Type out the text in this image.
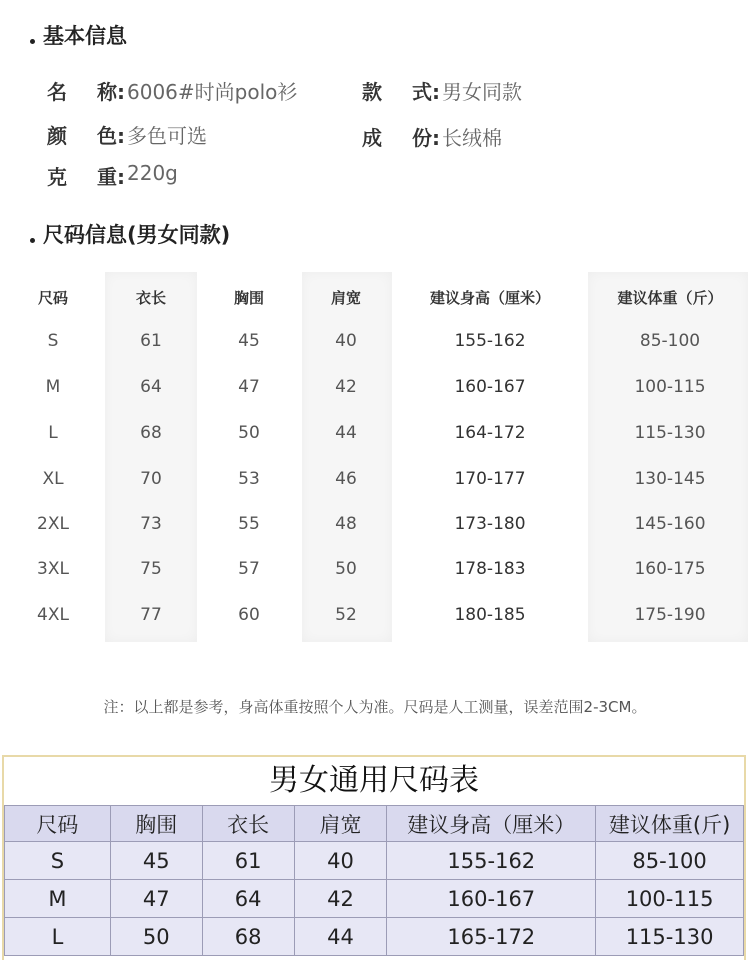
基本信息
名 称: 6006#时尚polo衫	款 式: 男女同款
颜 色: 多色可选	成 份: 长绒棉
克 重: 220g
尺码信息(男女同款)
尺码	衣长	胸围	肩宽	建议身高（厘米）	建议体重（斤）
S	61	45	40	155-162	85-100
M	64	47	42	160-167	100-115
L	68	50	44	164-172	115-130
XL	70	53	46	170-177	130-145
2XL	73	55	48	173-180	145-160
3XL	75	57	50	178-183	160-175
4XL	77	60	52	180-185	175-190
注：以上都是参考，身高体重按照个人为准。尺码是人工测量，误差范围2-3CM。
男女通用尺码表
尺码	胸围	衣长	肩宽	建议身高（厘米）	建议体重(斤)
S	45	61	40	155-162	85-100
M	47	64	42	160-167	100-115
L	50	68	44	165-172	115-130
